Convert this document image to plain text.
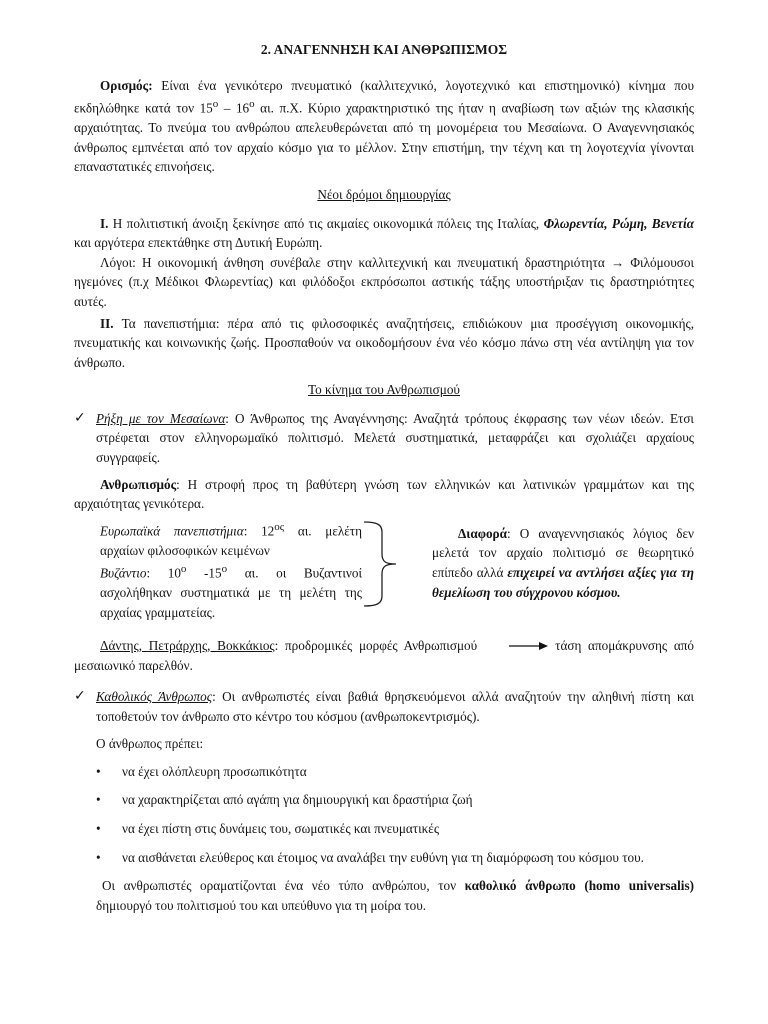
2. ΑΝΑΓΕΝΝΗΣΗ ΚΑΙ ΑΝΘΡΩΠΙΣΜΟΣ

Ορισμός: Είναι ένα γενικότερο πνευματικό (καλλιτεχνικό, λογοτεχνικό και επιστημονικό) κίνημα που εκδηλώθηκε κατά τον $15^o - 16^o$ αι. π.Χ. Κύριο χαρακτηριστικό της ήταν η αναβίωση των αξιών της κλασικής αρχαιότητας. Το πνεύμα του ανθρώπου απελευθερώνεται από τη μονομέρεια του Μεσαίωνα. Ο Αναγεννησιακός άνθρωπος εμπνέεται από τον αρχαίο κόσμο για το μέλλον. Στην επιστήμη, την τέχνη και τη λογοτεχνία γίνονται επαναστατικές επινοήσεις.

Νέοι δρόμοι δημιουργίας

I. Η πολιτιστική άνοιξη ξεκίνησε από τις ακμαίες οικονομικά πόλεις της Ιταλίας, Φλωρεντία, Ρώμη, Βενετία και αργότερα επεκτάθηκε στη Δυτική Ευρώπη.

Λόγοι: Η οικονομική άνθηση συνέβαλε στην καλλιτεχνική και πνευματική δραστηριότητα → Φιλόμουσοι ηγεμόνες (π.χ Μέδικοι Φλωρεντίας) και φιλόδοξοι εκπρόσωποι αστικής τάξης υποστήριξαν τις δραστηριότητες αυτές.

II. Τα πανεπιστήμια: πέρα από τις φιλοσοφικές αναζητήσεις, επιδιώκουν μια προσέγγιση οικονομικής, πνευματικής και κοινωνικής ζωής. Προσπαθούν να οικοδομήσουν ένα νέο κόσμο πάνω στη νέα αντίληψη για τον άνθρωπο.

Το κίνημα του Ανθρωπισμού
✓ Ρήξη με τον Μεσαίωνα: Ο Άνθρωπος της Αναγέννησης: Αναζητά τρόπους έκφρασης των νέων ιδεών. Ετσι στρέφεται στον ελληνορωμαϊκό πολιτισμό. Μελετά συστηματικά, μεταφράζει και σχολιάζει αρχαίους συγγραφείς.

Ανθρωπισμός: Η στροφή προς τη βαθύτερη γνώση των ελληνικών και λατινικών γραμμάτων και της αρχαιότητας γενικότερα.

Ευρωπαϊκά πανεπιστήμια: $12^{o\varsigma}$ αι. μελέτη αρχαίων φιλοσοφικών κειμένων

Βυζάντιο: $10^o$ $-15^o$ αι. οι Βυζαντινοί ασχολήθηκαν συστηματικά με τη μελέτη της αρχαίας γραμματείας.

Διαφορά: Ο αναγεννησιακός λόγιος δεν μελετά τον αρχαίο πολιτισμό σε θεωρητικό επίπεδο αλλά επιχειρεί να αντλήσει αξίες για τη θεμελίωση του σύγχρονου κόσμου.

Δάντης, Πετράρχης, Βοκκάκιος: προδρομικές μορφές Ανθρωπισμού	τάση απομάκρυνσης από μεσαιωνικό παρελθόν.

✓ Καθολικός Άνθρωπος: Οι ανθρωπιστές είναι βαθιά θρησκευόμενοι αλλά αναζητούν την αληθινή πίστη και τοποθετούν τον άνθρωπο στο κέντρο του κόσμου (ανθρωποκεντρισμός).

Ο άνθρωπος πρέπει:

•	να έχει ολόπλευρη προσωπικότητα
•	να χαρακτηρίζεται από αγάπη για δημιουργική και δραστήρια ζωή
•	να έχει πίστη στις δυνάμεις του, σωματικές και πνευματικές
•	να αισθάνεται ελεύθερος και έτοιμος να αναλάβει την ευθύνη για τη διαμόρφωση του κόσμου του.

Οι ανθρωπιστές οραματίζονται ένα νέο τύπο ανθρώπου, τον καθολικό άνθρωπο (homo universalis) δημιουργό του πολιτισμού του και υπεύθυνο για τη μοίρα του.
